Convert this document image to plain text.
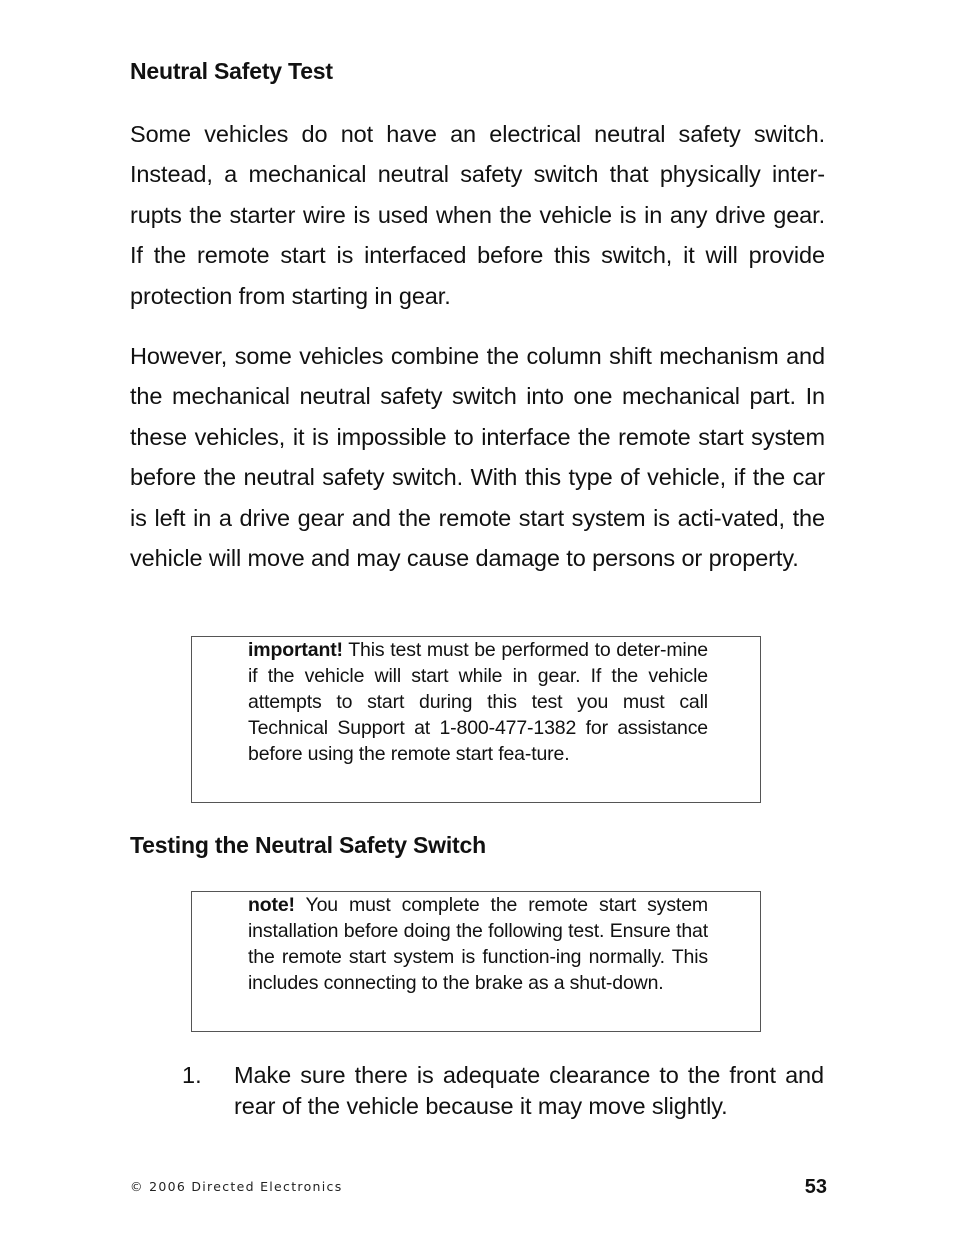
Neutral Safety Test

Some vehicles do not have an electrical neutral safety switch. Instead, a mechanical neutral safety switch that physically inter-rupts the starter wire is used when the vehicle is in any drive gear. If the remote start is interfaced before this switch, it will provide protection from starting in gear.

However, some vehicles combine the column shift mechanism and the mechanical neutral safety switch into one mechanical part. In these vehicles, it is impossible to interface the remote start system before the neutral safety switch. With this type of vehicle, if the car is left in a drive gear and the remote start system is acti-vated, the vehicle will move and may cause damage to persons or property.

important! This test must be performed to deter-mine if the vehicle will start while in gear. If the vehicle attempts to start during this test you must call Technical Support at 1-800-477-1382 for assistance before using the remote start fea-ture.

Testing the Neutral Safety Switch

note! You must complete the remote start system installation before doing the following test. Ensure that the remote start system is function-ing normally. This includes connecting to the brake as a shut-down.

1. Make sure there is adequate clearance to the front and rear of the vehicle because it may move slightly.

© 2006 Directed Electronics	53
